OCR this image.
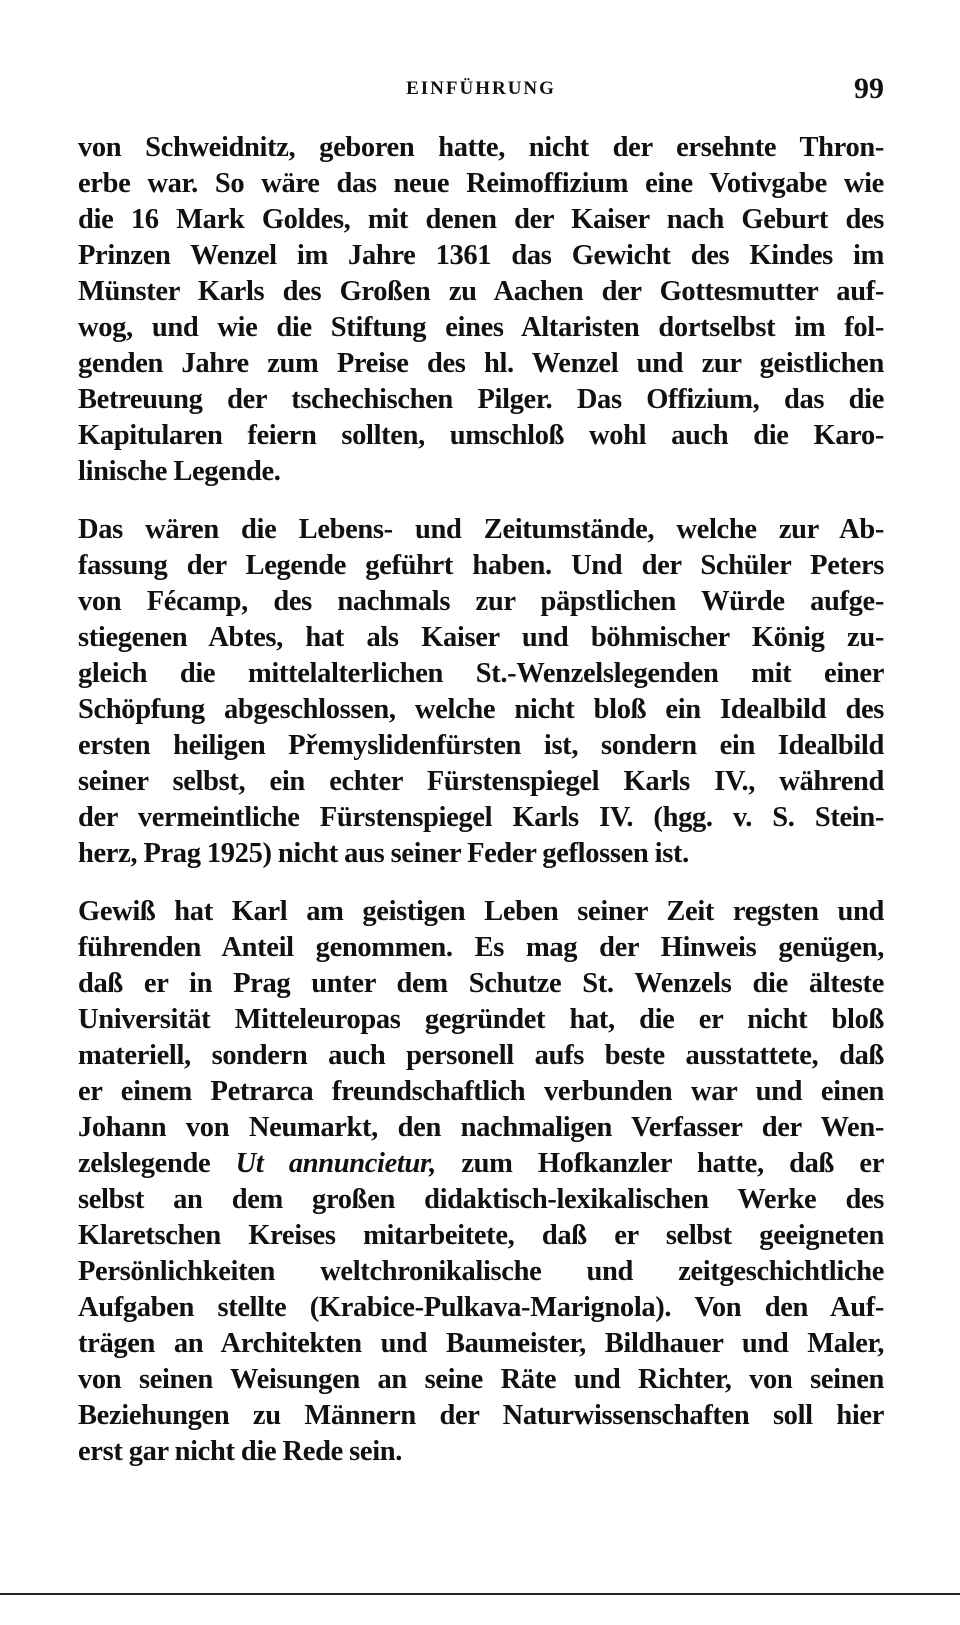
EINFÜHRUNG	99

von Schweidnitz, geboren hatte, nicht der ersehnte Thron-
erbe war. So wäre das neue Reimoffizium eine Votivgabe wie
die 16 Mark Goldes, mit denen der Kaiser nach Geburt des
Prinzen Wenzel im Jahre 1361 das Gewicht des Kindes im
Münster Karls des Großen zu Aachen der Gottesmutter auf-
wog, und wie die Stiftung eines Altaristen dortselbst im fol-
genden Jahre zum Preise des hl. Wenzel und zur geistlichen
Betreuung der tschechischen Pilger. Das Offizium, das die
Kapitularen feiern sollten, umschloß wohl auch die Karo-
linische Legende.

Das wären die Lebens- und Zeitumstände, welche zur Ab-
fassung der Legende geführt haben. Und der Schüler Peters
von Fécamp, des nachmals zur päpstlichen Würde aufge-
stiegenen Abtes, hat als Kaiser und böhmischer König zu-
gleich die mittelalterlichen St.-Wenzelslegenden mit einer
Schöpfung abgeschlossen, welche nicht bloß ein Idealbild des
ersten heiligen Přemyslidenfürsten ist, sondern ein Idealbild
seiner selbst, ein echter Fürstenspiegel Karls IV., während
der vermeintliche Fürstenspiegel Karls IV. (hgg. v. S. Stein-
herz, Prag 1925) nicht aus seiner Feder geflossen ist.

Gewiß hat Karl am geistigen Leben seiner Zeit regsten und
führenden Anteil genommen. Es mag der Hinweis genügen,
daß er in Prag unter dem Schutze St. Wenzels die älteste
Universität Mitteleuropas gegründet hat, die er nicht bloß
materiell, sondern auch personell aufs beste ausstattete, daß
er einem Petrarca freundschaftlich verbunden war und einen
Johann von Neumarkt, den nachmaligen Verfasser der Wen-
zelslegende Ut annuncietur, zum Hofkanzler hatte, daß er
selbst an dem großen didaktisch-lexikalischen Werke des
Klaretschen Kreises mitarbeitete, daß er selbst geeigneten
Persönlichkeiten weltchronikalische und zeitgeschichtliche
Aufgaben stellte (Krabice-Pulkava-Marignola). Von den Auf-
trägen an Architekten und Baumeister, Bildhauer und Maler,
von seinen Weisungen an seine Räte und Richter, von seinen
Beziehungen zu Männern der Naturwissenschaften soll hier
erst gar nicht die Rede sein.
